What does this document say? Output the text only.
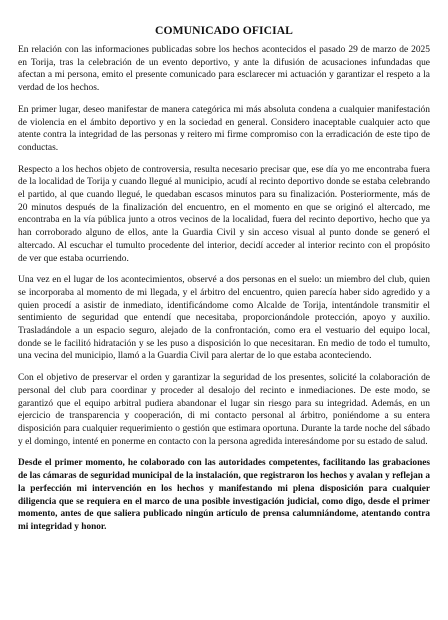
COMUNICADO OFICIAL

En relación con las informaciones publicadas sobre los hechos acontecidos el pasado 29 de marzo de 2025 en Torija, tras la celebración de un evento deportivo, y ante la difusión de acusaciones infundadas que afectan a mi persona, emito el presente comunicado para esclarecer mi actuación y garantizar el respeto a la verdad de los hechos.

En primer lugar, deseo manifestar de manera categórica mi más absoluta condena a cualquier manifestación de violencia en el ámbito deportivo y en la sociedad en general. Considero inaceptable cualquier acto que atente contra la integridad de las personas y reitero mi firme compromiso con la erradicación de este tipo de conductas.

Respecto a los hechos objeto de controversia, resulta necesario precisar que, ese día yo me encontraba fuera de la localidad de Torija y cuando llegué al municipio, acudí al recinto deportivo donde se estaba celebrando el partido, al que cuando llegué, le quedaban escasos minutos para su finalización. Posteriormente, más de 20 minutos después de la finalización del encuentro, en el momento en que se originó el altercado, me encontraba en la vía pública junto a otros vecinos de la localidad, fuera del recinto deportivo, hecho que ya han corroborado alguno de ellos, ante la Guardia Civil y sin acceso visual al punto donde se generó el altercado. Al escuchar el tumulto procedente del interior, decidí acceder al interior recinto con el propósito de ver que estaba ocurriendo.

Una vez en el lugar de los acontecimientos, observé a dos personas en el suelo: un miembro del club, quien se incorporaba al momento de mi llegada, y el árbitro del encuentro, quien parecía haber sido agredido y a quien procedí a asistir de inmediato, identificándome como Alcalde de Torija, intentándole transmitir el sentimiento de seguridad que entendí que necesitaba, proporcionándole protección, apoyo y auxilio. Trasladándole a un espacio seguro, alejado de la confrontación, como era el vestuario del equipo local, donde se le facilitó hidratación y se les puso a disposición lo que necesitaran. En medio de todo el tumulto, una vecina del municipio, llamó a la Guardia Civil para alertar de lo que estaba aconteciendo.

Con el objetivo de preservar el orden y garantizar la seguridad de los presentes, solicité la colaboración de personal del club para coordinar y proceder al desalojo del recinto e inmediaciones. De este modo, se garantizó que el equipo arbitral pudiera abandonar el lugar sin riesgo para su integridad. Además, en un ejercicio de transparencia y cooperación, di mi contacto personal al árbitro, poniéndome a su entera disposición para cualquier requerimiento o gestión que estimara oportuna. Durante la tarde noche del sábado y el domingo, intenté en ponerme en contacto con la persona agredida interesándome por su estado de salud.

Desde el primer momento, he colaborado con las autoridades competentes, facilitando las grabaciones de las cámaras de seguridad municipal de la instalación, que registraron los hechos y avalan y reflejan a la perfección mi intervención en los hechos y manifestando mi plena disposición para cualquier diligencia que se requiera en el marco de una posible investigación judicial, como digo, desde el primer momento, antes de que saliera publicado ningún artículo de prensa calumniándome, atentando contra mi integridad y honor.
